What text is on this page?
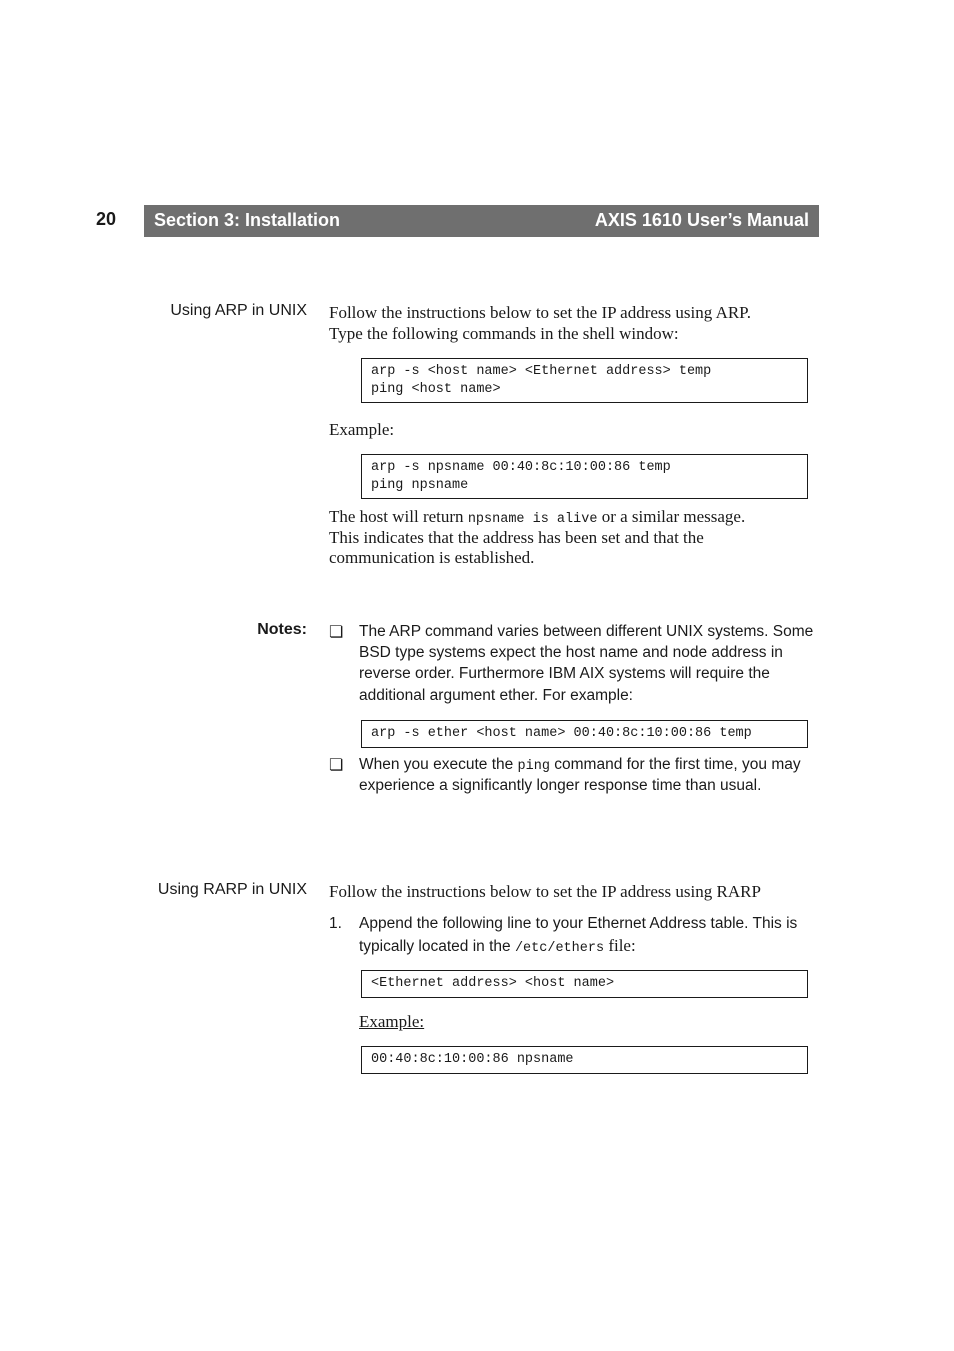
20 Section 3: Installation	AXIS 1610 User’s Manual
Using ARP in UNIX Follow the instructions below to set the IP address using ARP.
Type the following commands in the shell window:
arp -s <host name> <Ethernet address> temp
ping <host name>
Example:
arp -s npsname 00:40:8c:10:00:86 temp
ping npsname
The host will return npsname is alive or a similar message.
This indicates that the address has been set and that the
communication is established.
Notes: ❏ The ARP command varies between different UNIX systems. Some
BSD type systems expect the host name and node address in
reverse order. Furthermore IBM AIX systems will require the
additional argument ether. For example:
arp -s ether <host name> 00:40:8c:10:00:86 temp
❏ When you execute the ping command for the first time, you may
experience a significantly longer response time than usual.
Using RARP in UNIX Follow the instructions below to set the IP address using RARP
1. Append the following line to your Ethernet Address table. This is
typically located in the /etc/ethers file:
<Ethernet address> <host name>
Example:
00:40:8c:10:00:86 npsname
